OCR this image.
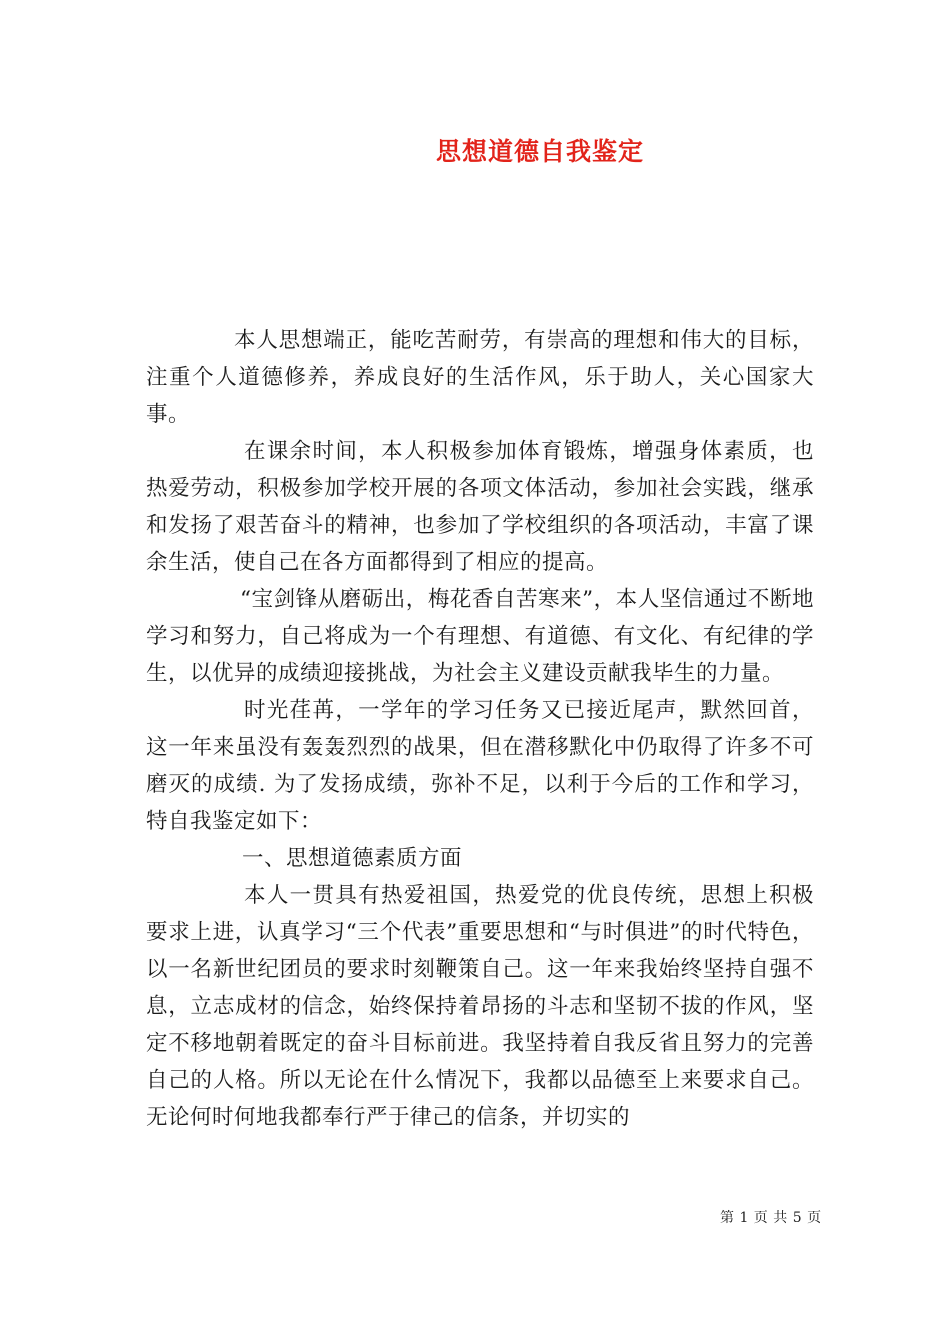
思想道德自我鉴定

本人思想端正，能吃苦耐劳，有崇高的理想和伟大的目标，注重个人道德修养，养成良好的生活作风，乐于助人，关心国家大事。

在课余时间，本人积极参加体育锻炼，增强身体素质，也热爱劳动，积极参加学校开展的各项文体活动，参加社会实践，继承和发扬了艰苦奋斗的精神，也参加了学校组织的各项活动，丰富了课余生活，使自己在各方面都得到了相应的提高。

“宝剑锋从磨砺出，梅花香自苦寒来”，本人坚信通过不断地学习和努力，自己将成为一个有理想、有道德、有文化、有纪律的学生，以优异的成绩迎接挑战，为社会主义建设贡献我毕生的力量。

时光荏苒，一学年的学习任务又已接近尾声，默然回首，这一年来虽没有轰轰烈烈的战果，但在潜移默化中仍取得了许多不可磨灭的成绩. 为了发扬成绩，弥补不足，以利于今后的工作和学习，特自我鉴定如下：

一、思想道德素质方面

本人一贯具有热爱祖国，热爱党的优良传统，思想上积极要求上进，认真学习“三个代表”重要思想和“与时俱进”的时代特色，以一名新世纪团员的要求时刻鞭策自己。这一年来我始终坚持自强不息，立志成材的信念，始终保持着昂扬的斗志和坚韧不拔的作风，坚定不移地朝着既定的奋斗目标前进。我坚持着自我反省且努力的完善自己的人格。所以无论在什么情况下，我都以品德至上来要求自己。无论何时何地我都奉行严于律己的信条，并切实的

第 1 页 共 5 页
